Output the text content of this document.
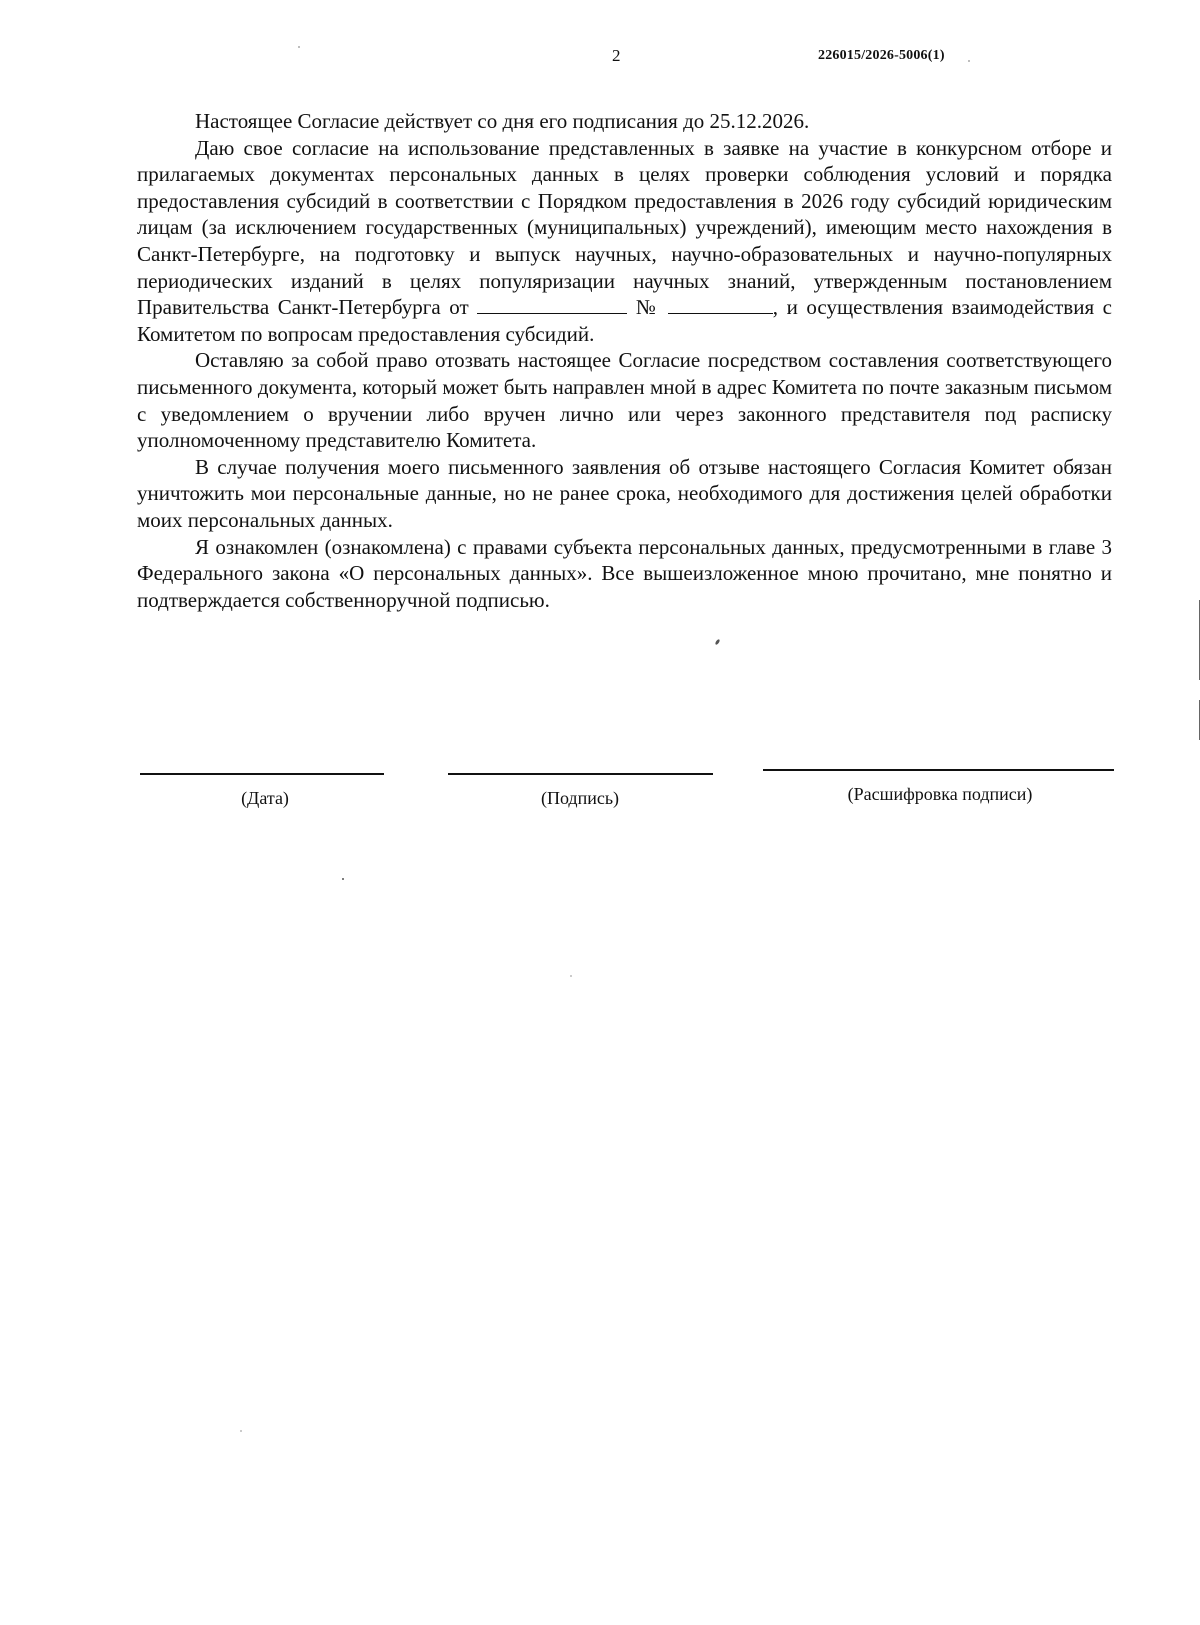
2	226015/2026-5006(1)

Настоящее Согласие действует со дня его подписания до 25.12.2026.

Даю свое согласие на использование представленных в заявке на участие в конкурсном отборе и прилагаемых документах персональных данных в целях проверки соблюдения условий и порядка предоставления субсидий в соответствии с Порядком предоставления в 2026 году субсидий юридическим лицам (за исключением государственных (муниципальных) учреждений), имеющим место нахождения в Санкт-Петербурге, на подготовку и выпуск научных, научно-образовательных и научно-популярных периодических изданий в целях популяризации научных знаний, утвержденным постановлением Правительства Санкт-Петербурга от	№	, и осуществления взаимодействия с Комитетом по вопросам предоставления субсидий.

Оставляю за собой право отозвать настоящее Согласие посредством составления соответствующего письменного документа, который может быть направлен мной в адрес Комитета по почте заказным письмом с уведомлением о вручении либо вручен лично или через законного представителя под расписку уполномоченному представителю Комитета.

В случае получения моего письменного заявления об отзыве настоящего Согласия Комитет обязан уничтожить мои персональные данные, но не ранее срока, необходимого для достижения целей обработки моих персональных данных.

Я ознакомлен (ознакомлена) с правами субъекта персональных данных, предусмотренными в главе 3 Федерального закона «О персональных данных». Все вышеизложенное мною прочитано, мне понятно и подтверждается собственноручной подписью.

(Дата)	(Подпись)	(Расшифровка подписи)
